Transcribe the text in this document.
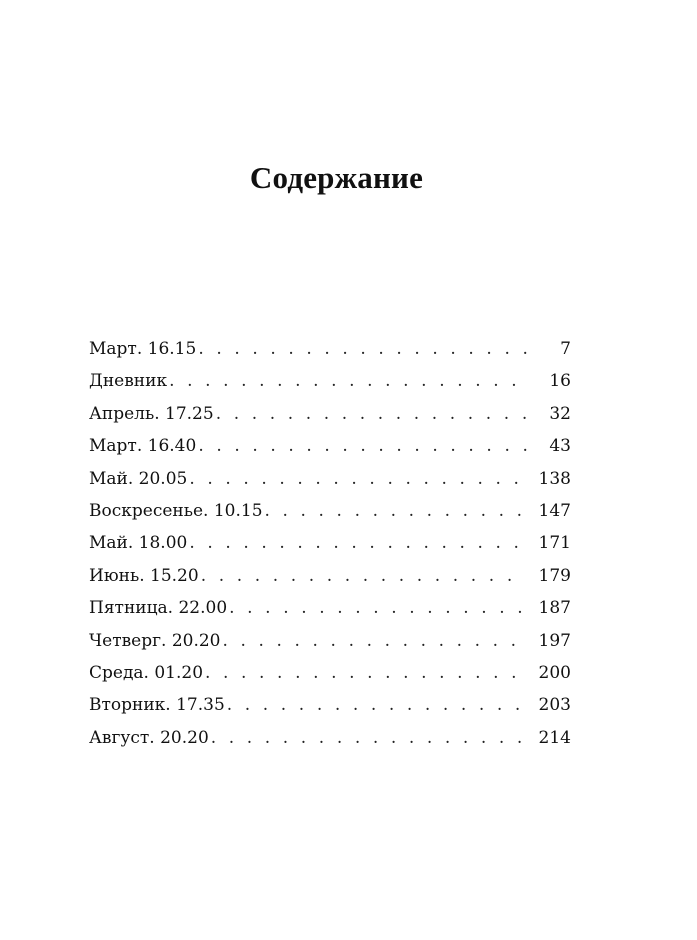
Содержание
Март. 16.15 . . .	7
Дневник . . .	16
Апрель. 17.25 . . .	32
Март. 16.40 . . .	43
Май. 20.05 . . .	138
Воскресенье. 10.15 . . .	147
Май. 18.00 . . .	171
Июнь. 15.20 . . .	179
Пятница. 22.00 . . .	187
Четверг. 20.20 . . .	197
Среда. 01.20 . . .	200
Вторник. 17.35 . . .	203
Август. 20.20 . . .	214
